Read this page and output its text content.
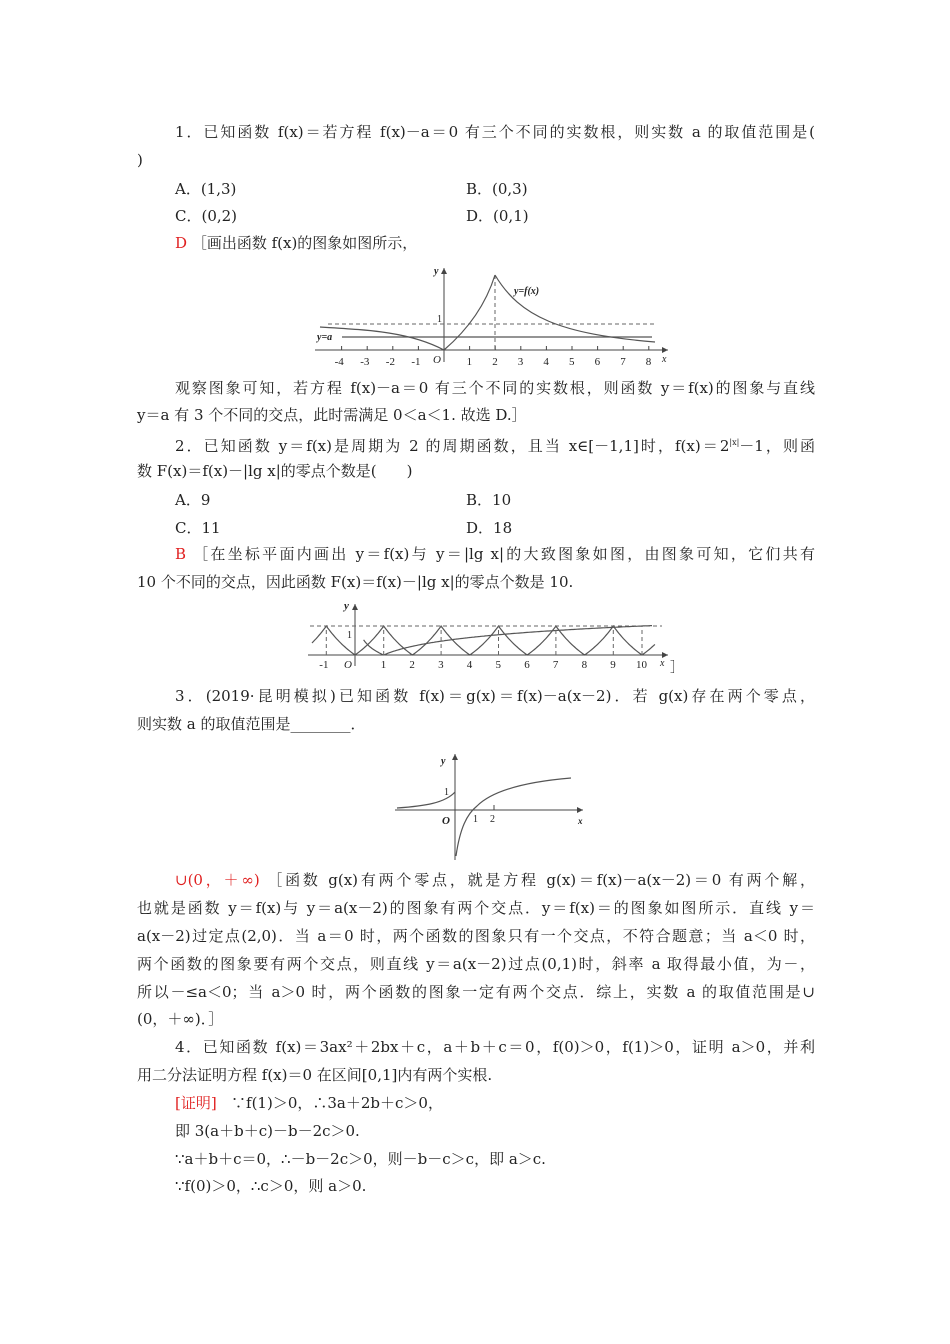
1．已知函数 f(x)＝若方程 f(x)－a＝0 有三个不同的实数根，则实数 a 的取值范围是(
)
A．(1,3)	B．(0,3)
C．(0,2)	D．(0,1)
D ［画出函数 f(x)的图象如图所示，
y
x
O
1
y=f(x)
y=a
-4 -3 -2 -1	1 2 3 4 5 6 7 8
观察图象可知，若方程 f(x)－a＝0 有三个不同的实数根，则函数 y＝f(x)的图象与直线
y＝a 有 3 个不同的交点，此时需满足 0＜a＜1. 故选 D.］
2．已知函数 y＝f(x)是周期为 2 的周期函数，且当 x∈[－1,1]时，$f(x)=2^{|x|}-1$，则函
数 F(x)＝f(x)－|lg x|的零点个数是(　　)
A．9	B．10
C．11	D．18
B ［在坐标平面内画出 y＝f(x)与 y＝|lg x|的大致图象如图，由图象可知，它们共有
10 个不同的交点，因此函数 F(x)＝f(x)－|lg x|的零点个数是 10.
y
x
O
1
］
-1	1 2 3 4 5 6 7 8 9 10
3．(2019·昆明模拟)已知函数 f(x)＝g(x)＝f(x)－a(x－2)．若 g(x)存在两个零点，
则实数 a 的取值范围是________．
y
x
O
1
1 2
∪(0，＋∞) ［函数 g(x)有两个零点，就是方程 g(x)＝f(x)－a(x－2)＝0 有两个解，
也就是函数 y＝f(x)与 y＝a(x－2)的图象有两个交点．y＝f(x)＝的图象如图所示．直线 y＝
a(x－2)过定点(2,0)．当 a＝0 时，两个函数的图象只有一个交点，不符合题意；当 a＜0 时，
两个函数的图象要有两个交点，则直线 y＝a(x－2)过点(0,1)时，斜率 a 取得最小值，为－，
所以－≤a＜0；当 a＞0 时，两个函数的图象一定有两个交点．综上，实数 a 的取值范围是∪
(0，＋∞)．］
4．已知函数 f(x)＝3ax²＋2bx＋c，a＋b＋c＝0，f(0)＞0，f(1)＞0，证明 a＞0，并利
用二分法证明方程 f(x)＝0 在区间[0,1]内有两个实根.
[证明] ∵f(1)＞0，∴3a＋2b＋c＞0，
即 3(a＋b＋c)－b－2c＞0.
∵a＋b＋c＝0，∴－b－2c＞0，则－b－c＞c，即 a＞c.
∵f(0)＞0，∴c＞0，则 a＞0.
